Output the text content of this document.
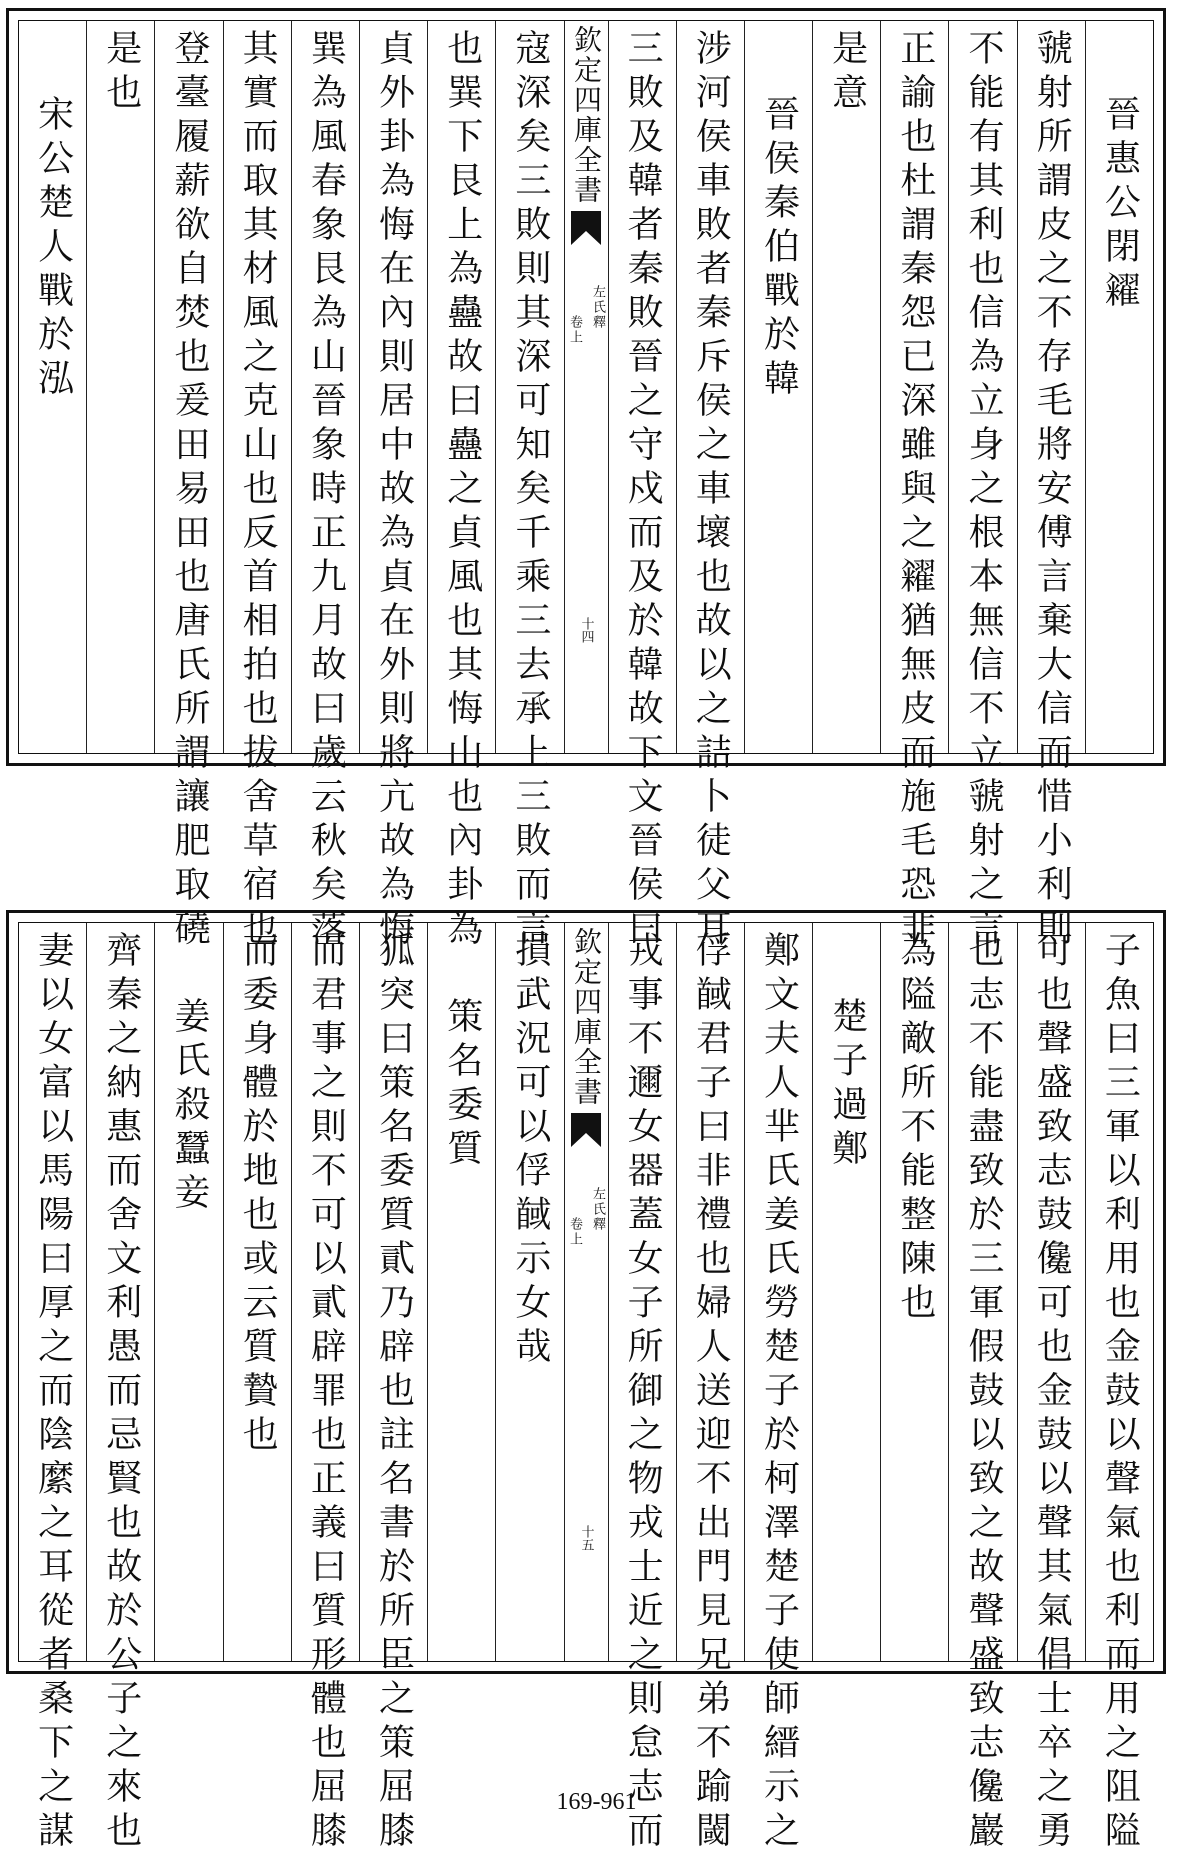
晉惠公閉糴
虢射所謂皮之不存毛將安傅言棄大信而惜小利則
不能有其利也信為立身之根本無信不立虢射之言
正諭也杜謂秦怨已深雖與之糴猶無皮而施毛恐非
是意
晉侯秦伯戰於韓
涉河侯車敗者秦斥侯之車壞也故以之詰卜徒父耳
三敗及韓者秦敗晉之守戍而及於韓故下文晉侯曰
欽定四庫全書
左氏釋
卷上
十四
寇深矣三敗則其深可知矣千乘三去承上三敗而言
也巽下艮上為蠱故曰蠱之貞風也其悔山也內卦為
貞外卦為悔在內則居中故為貞在外則將亢故為悔
巽為風春象艮為山晉象時正九月故曰歲云秋矣落
其實而取其材風之克山也反首相拍也拔舍草宿也
登臺履薪欲自焚也爰田易田也唐氏所謂讓肥取磽
是也
宋公楚人戰於泓
子魚曰三軍以利用也金鼓以聲氣也利而用之阻隘
可也聲盛致志鼓儳可也金鼓以聲其氣倡士卒之勇
也志不能盡致於三軍假鼓以致之故聲盛致志儳巖
為隘敵所不能整陳也
楚子過鄭
鄭文夫人芈氏姜氏勞楚子於柯澤楚子使師縉示之
俘馘君子曰非禮也婦人送迎不出門見兄弟不踰閾
戎事不邇女器蓋女子所御之物戎士近之則怠志而
欽定四庫全書
左氏釋
卷上
十五
損武況可以俘馘示女哉
策名委質
狐突曰策名委質貳乃辟也註名書於所臣之策屈膝
而君事之則不可以貳辟罪也正義曰質形體也屈膝
而委身體於地也或云質贄也
姜氏殺蠶妾
齊秦之納惠而舍文利愚而忌賢也故於公子之來也
妻以女富以馬陽曰厚之而陰縻之耳從者桑下之謀	169-961
